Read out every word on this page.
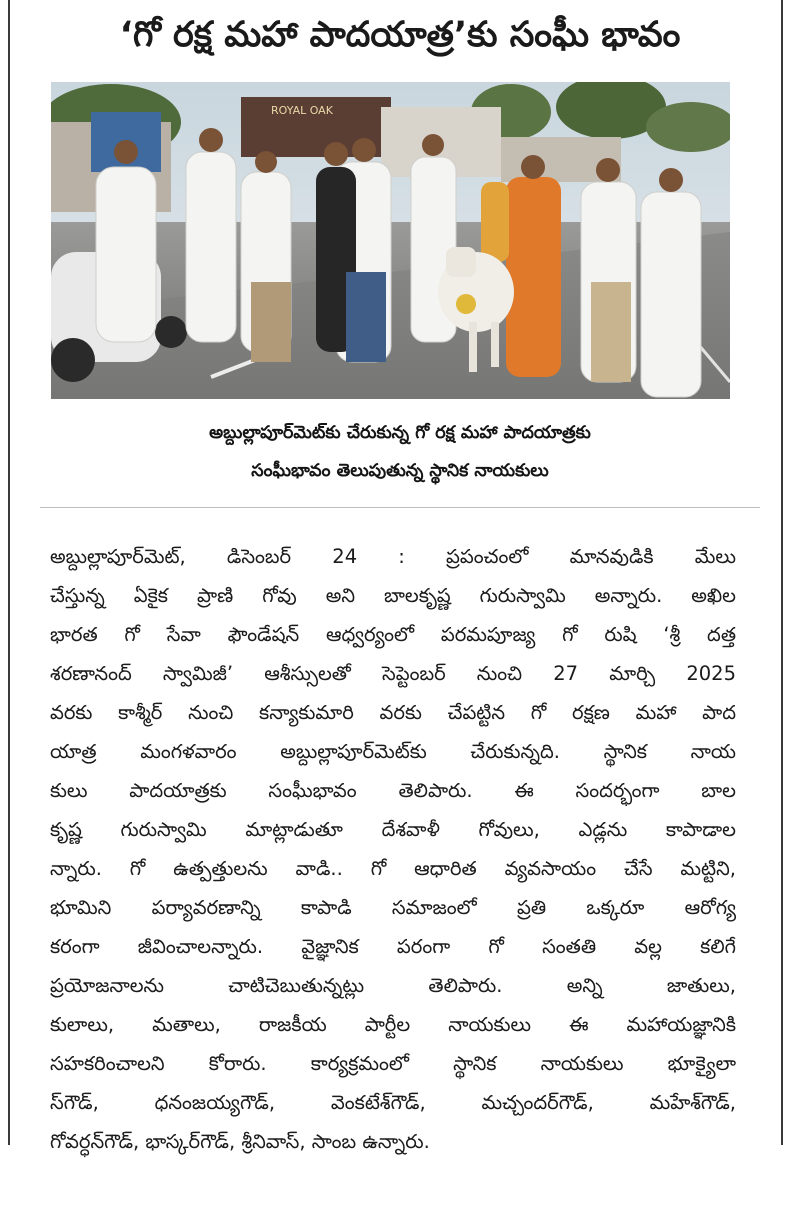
‘గో రక్ష మహా పాదయాత్ర’కు సంఘీ భావం
ROYAL OAK
అబ్దుల్లాపూర్‌మెట్‌కు చేరుకున్న గో రక్ష మహా పాదయాత్రకు
సంఘీభావం తెలుపుతున్న స్థానిక నాయకులు
అబ్దుల్లాపూర్‌మెట్, డిసెంబర్ 24 : ప్రపంచంలో మానవుడికి మేలు
చేస్తున్న ఏకైక ప్రాణి గోవు అని బాలకృష్ణ గురుస్వామి అన్నారు. అఖిల
భారత గో సేవా ఫౌండేషన్ ఆధ్వర్యంలో పరమపూజ్య గో రుషి ‘శ్రీ దత్త
శరణానంద్ స్వామిజీ’ ఆశీస్సులతో సెప్టెంబర్ నుంచి 27 మార్చి 2025
వరకు కాశ్మీర్ నుంచి కన్యాకుమారి వరకు చేపట్టిన గో రక్షణ మహా పాద
యాత్ర మంగళవారం అబ్దుల్లాపూర్‌మెట్‌కు చేరుకున్నది. స్థానిక నాయ
కులు పాదయాత్రకు సంఘీభావం తెలిపారు. ఈ సందర్భంగా బాల
కృష్ణ గురుస్వామి మాట్లాడుతూ దేశవాళీ గోవులు, ఎడ్లను కాపాడాల
న్నారు. గో ఉత్పత్తులను వాడి.. గో ఆధారిత వ్యవసాయం చేసే మట్టిని,
భూమిని పర్యావరణాన్ని కాపాడి సమాజంలో ప్రతి ఒక్కరూ ఆరోగ్య
కరంగా జీవించాలన్నారు. వైజ్ఞానిక పరంగా గో సంతతి వల్ల కలిగే
ప్రయోజనాలను చాటిచెబుతున్నట్లు తెలిపారు. అన్ని జాతులు,
కులాలు, మతాలు, రాజకీయ పార్టీల నాయకులు ఈ మహాయజ్ఞానికి
సహకరించాలని కోరారు. కార్యక్రమంలో స్థానిక నాయకులు భూక్యైలా
స్‌గౌడ్, ధనంజయ్యగౌడ్, వెంకటేశ్‌గౌడ్, మచ్చందర్‌గౌడ్, మహేశ్‌గౌడ్,
గోవర్ధన్‌గౌడ్, భాస్కర్‌గౌడ్, శ్రీనివాస్, సాంబ ఉన్నారు.
